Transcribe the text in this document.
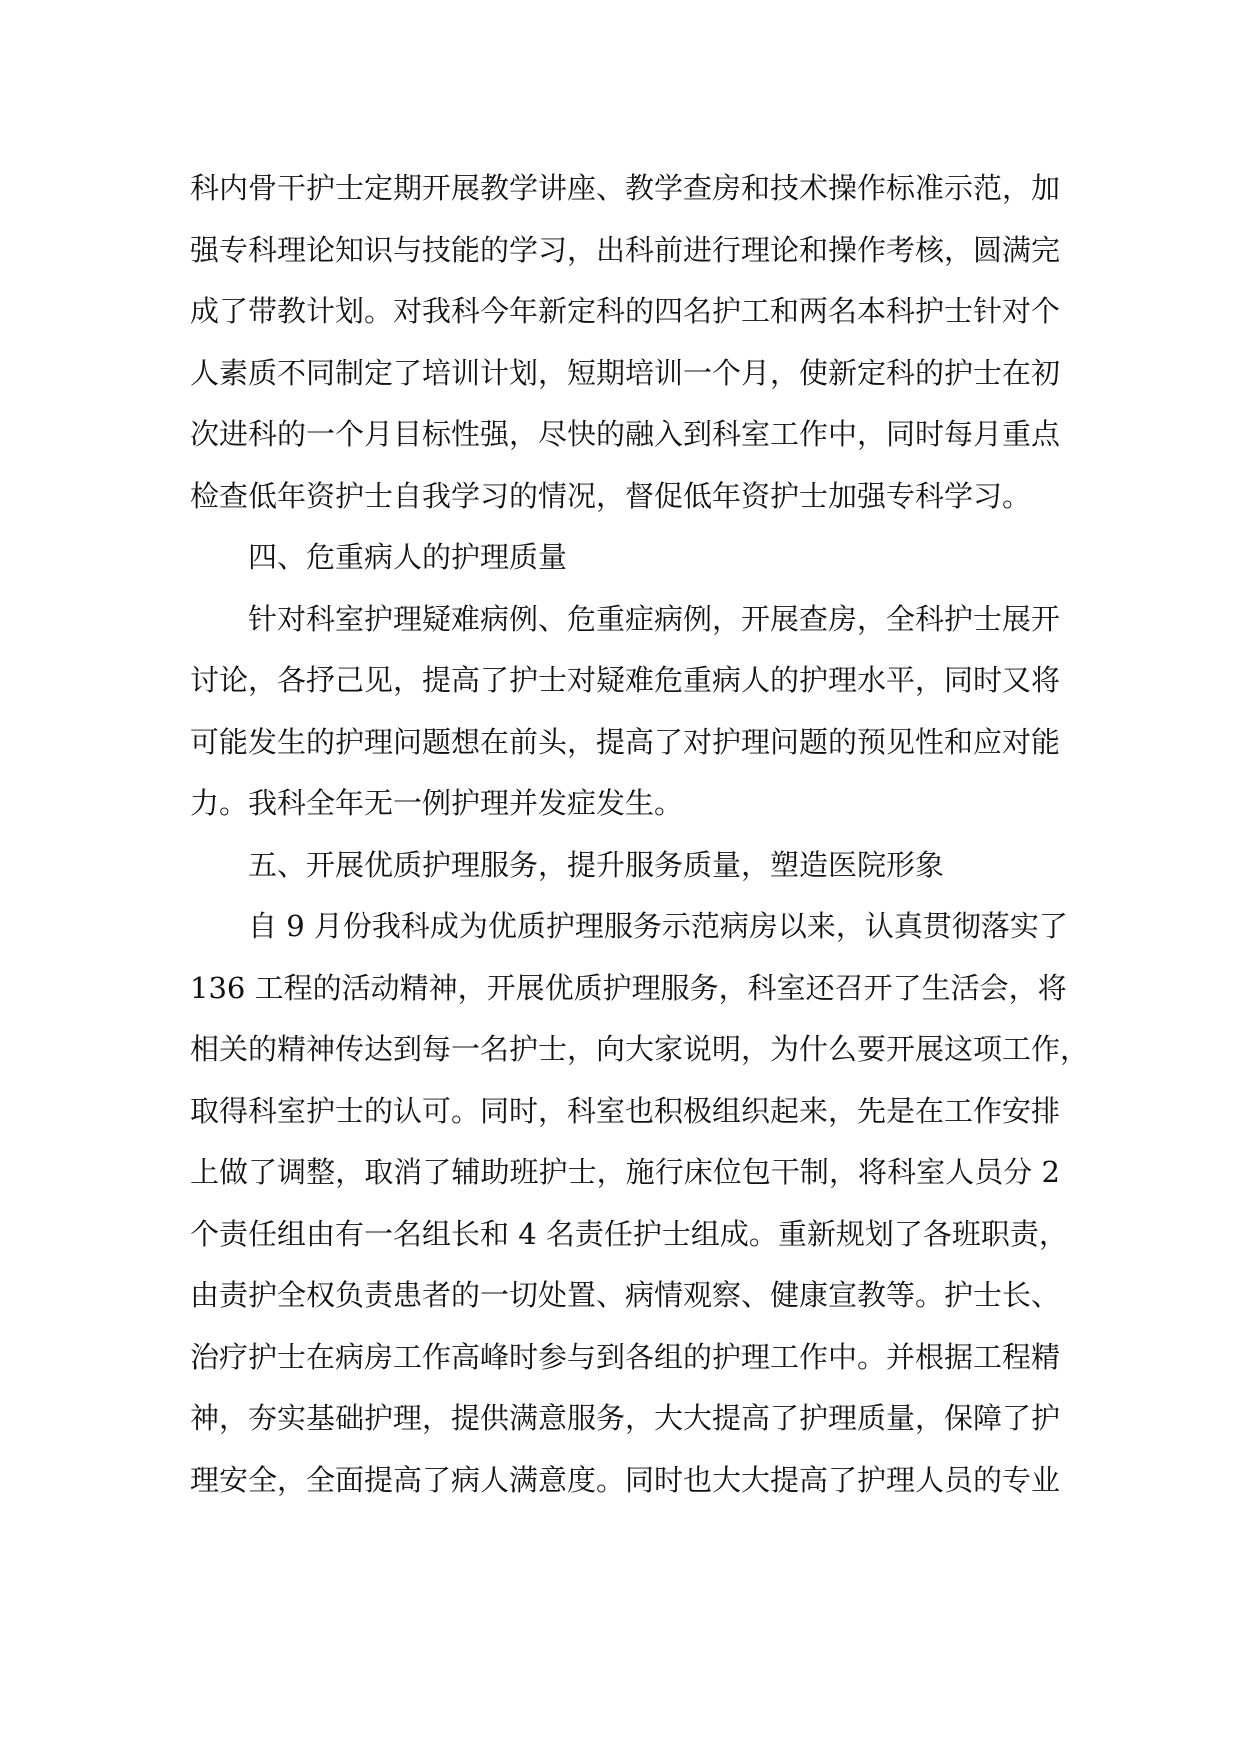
科内骨干护士定期开展教学讲座、教学查房和技术操作标准示范，加
强专科理论知识与技能的学习，出科前进行理论和操作考核，圆满完
成了带教计划。对我科今年新定科的四名护工和两名本科护士针对个
人素质不同制定了培训计划，短期培训一个月，使新定科的护士在初
次进科的一个月目标性强，尽快的融入到科室工作中，同时每月重点
检查低年资护士自我学习的情况，督促低年资护士加强专科学习。
四、危重病人的护理质量
针对科室护理疑难病例、危重症病例，开展查房，全科护士展开
讨论，各抒己见，提高了护士对疑难危重病人的护理水平，同时又将
可能发生的护理问题想在前头，提高了对护理问题的预见性和应对能
力。我科全年无一例护理并发症发生。
五、开展优质护理服务，提升服务质量，塑造医院形象
自 9 月份我科成为优质护理服务示范病房以来，认真贯彻落实了
136 工程的活动精神，开展优质护理服务，科室还召开了生活会，将
相关的精神传达到每一名护士，向大家说明，为什么要开展这项工作，
取得科室护士的认可。同时，科室也积极组织起来，先是在工作安排
上做了调整，取消了辅助班护士，施行床位包干制，将科室人员分 2
个责任组由有一名组长和 4 名责任护士组成。重新规划了各班职责，
由责护全权负责患者的一切处置、病情观察、健康宣教等。护士长、
治疗护士在病房工作高峰时参与到各组的护理工作中。并根据工程精
神，夯实基础护理，提供满意服务，大大提高了护理质量，保障了护
理安全，全面提高了病人满意度。同时也大大提高了护理人员的专业
